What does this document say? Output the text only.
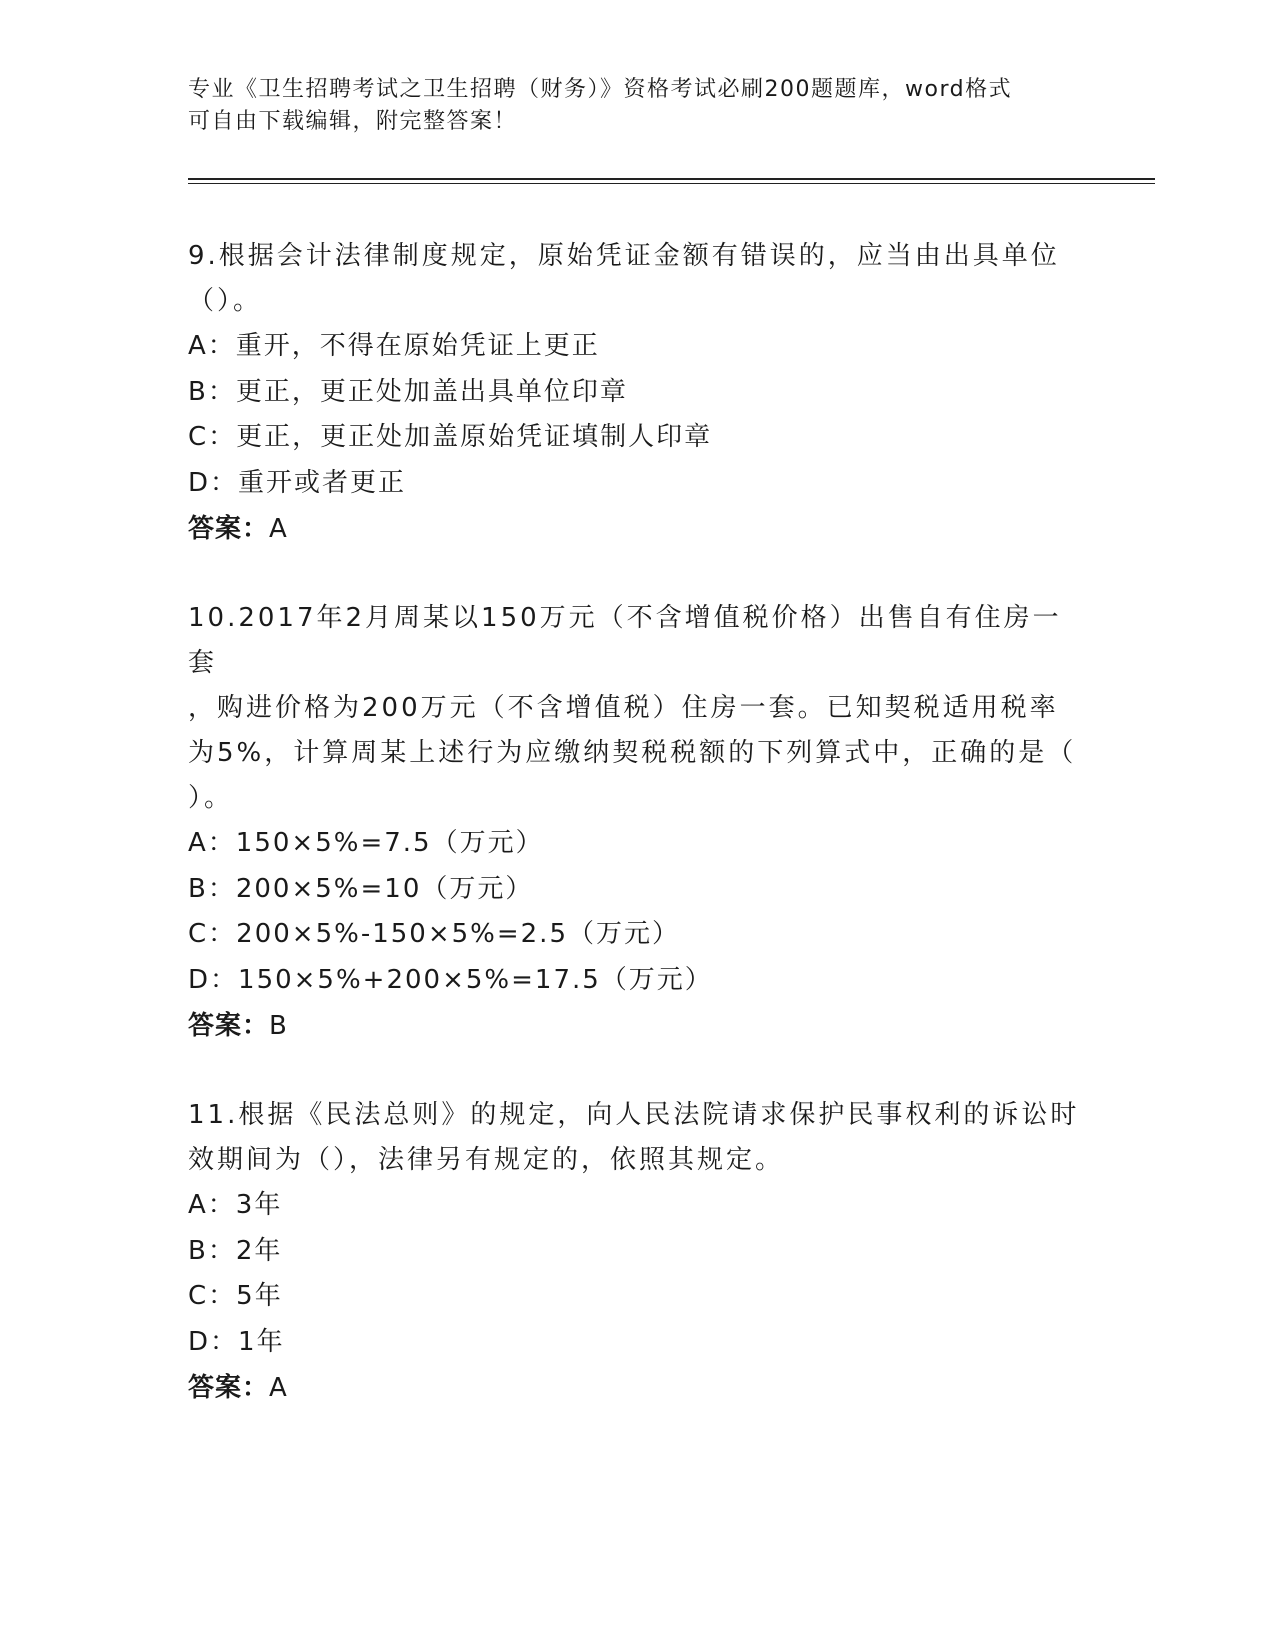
专业《卫生招聘考试之卫生招聘（财务）》资格考试必刷200题题库，word格式
可自由下载编辑，附完整答案！
9.根据会计法律制度规定，原始凭证金额有错误的，应当由出具单位
（）。
A：重开，不得在原始凭证上更正
B：更正，更正处加盖出具单位印章
C：更正，更正处加盖原始凭证填制人印章
D：重开或者更正
答案：A
10.2017年2月周某以150万元（不含增值税价格）出售自有住房一套
，购进价格为200万元（不含增值税）住房一套。已知契税适用税率
为5%，计算周某上述行为应缴纳契税税额的下列算式中，正确的是（
）。
A：150×5%=7.5（万元）
B：200×5%=10（万元）
C：200×5%-150×5%=2.5（万元）
D：150×5%+200×5%=17.5（万元）
答案：B
11.根据《民法总则》的规定，向人民法院请求保护民事权利的诉讼时
效期间为（），法律另有规定的，依照其规定。
A：3年
B：2年
C：5年
D：1年
答案：A
